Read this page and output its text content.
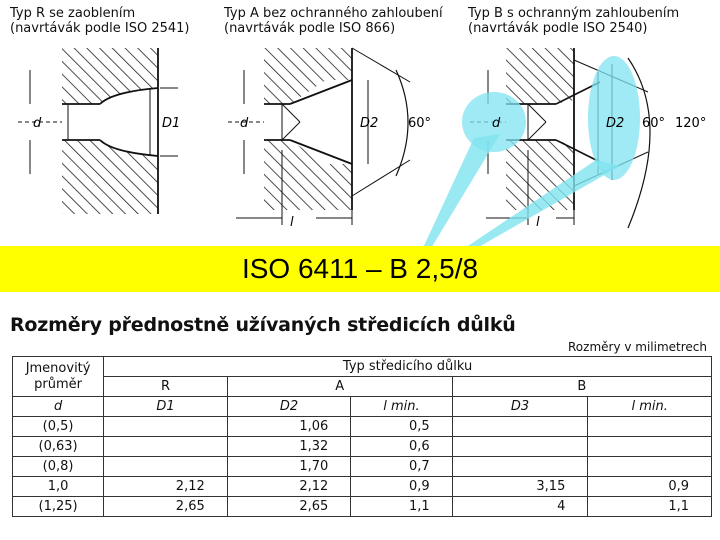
Typ R se zaoblením
(navrtávák podle ISO 2541)
Typ A bez ochranného zahloubení
(navrtávák podle ISO 866)
Typ B s ochranným zahloubením
(navrtávák podle ISO 2540)
d	D1	d	D2 60°
l
d	D2 60° 120°
l
ISO 6411 – B 2,5/8
Rozměry přednostně užívaných středicích důlků
Rozměry v milimetrech
Jmenovitý
průměr	Typ středicího důlku				
	R	A		B	
d	D1	D2	l min.	D3	l min.
(0,5)		1,06	0,5		
(0,63)		1,32	0,6		
(0,8)		1,70	0,7		
1,0	2,12	2,12	0,9	3,15	0,9
(1,25)	2,65	2,65	1,1	4	1,1
